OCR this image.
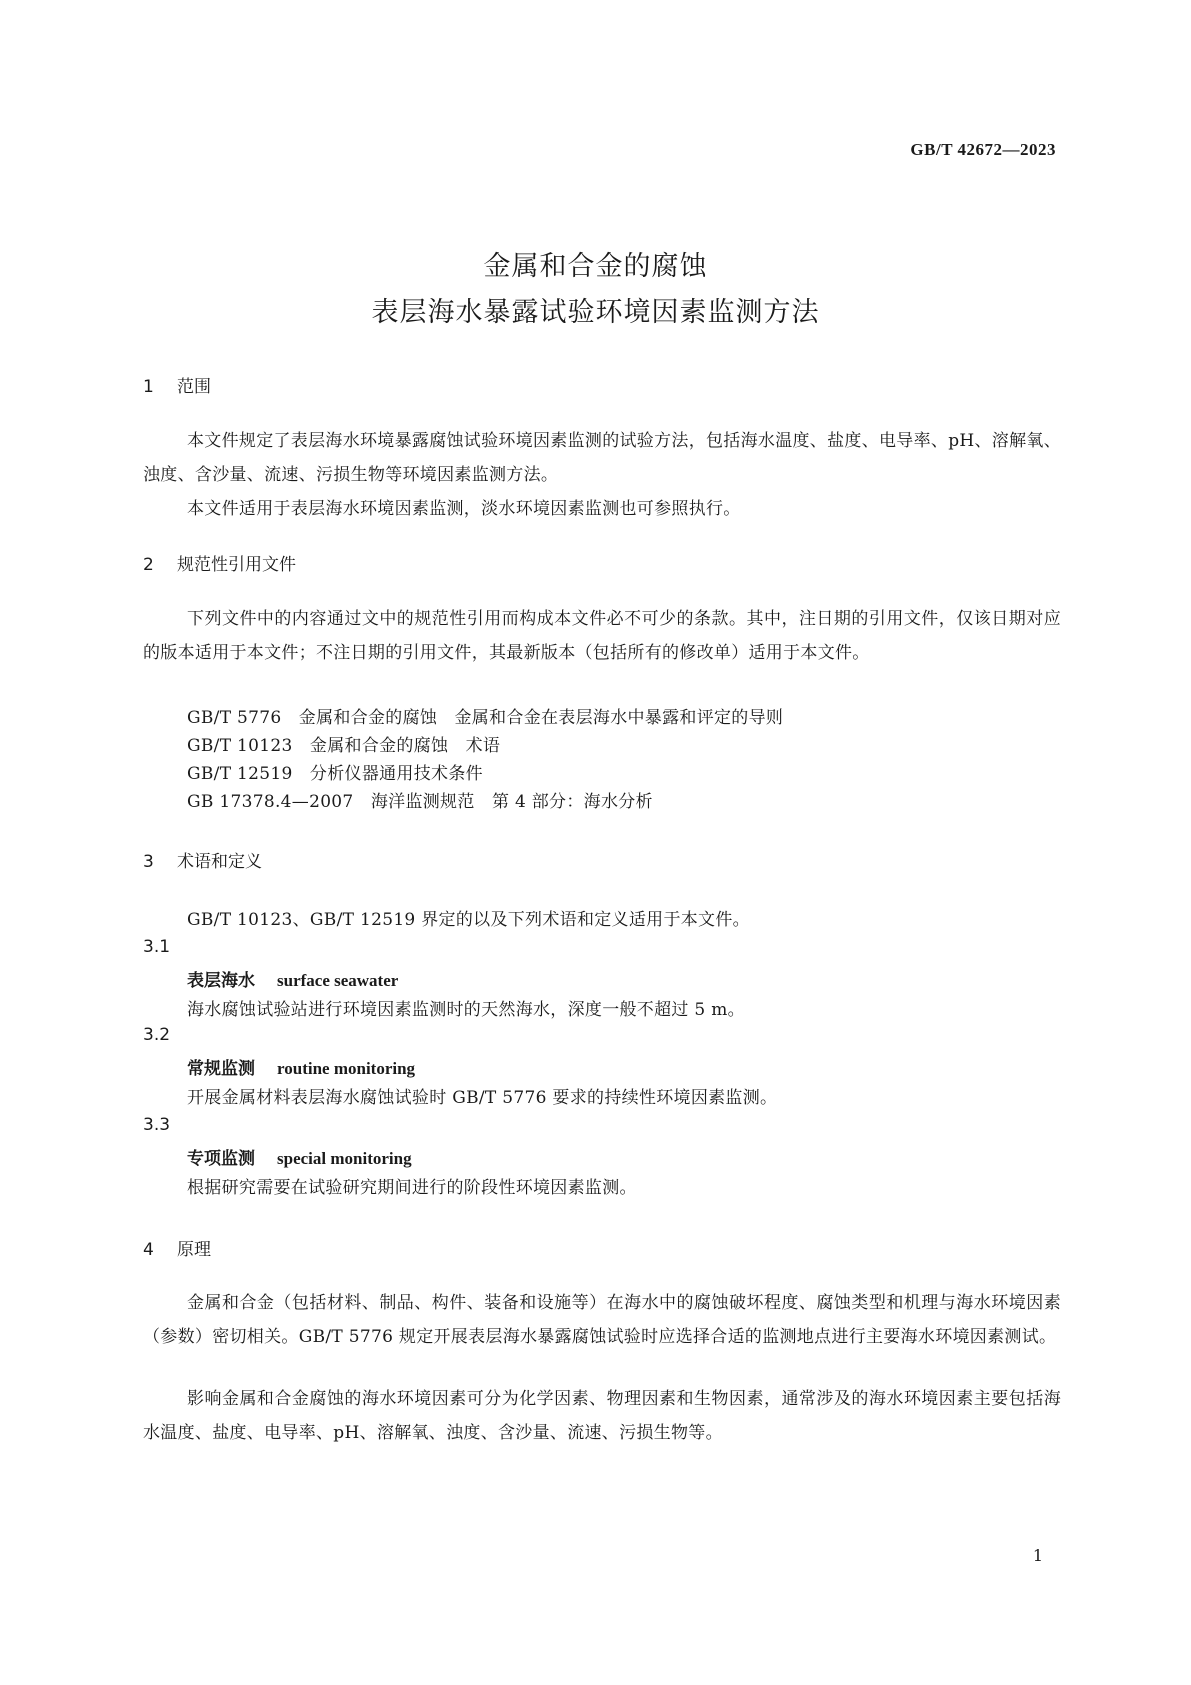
GB/T 42672—2023
金属和合金的腐蚀
表层海水暴露试验环境因素监测方法
1 范围
本文件规定了表层海水环境暴露腐蚀试验环境因素监测的试验方法，包括海水温度、盐度、电导率、pH、溶解氧、浊度、含沙量、流速、污损生物等环境因素监测方法。
本文件适用于表层海水环境因素监测，淡水环境因素监测也可参照执行。
2 规范性引用文件
下列文件中的内容通过文中的规范性引用而构成本文件必不可少的条款。其中，注日期的引用文件，仅该日期对应的版本适用于本文件；不注日期的引用文件，其最新版本（包括所有的修改单）适用于本文件。
GB/T 5776　金属和合金的腐蚀　金属和合金在表层海水中暴露和评定的导则
GB/T 10123　金属和合金的腐蚀　术语
GB/T 12519　分析仪器通用技术条件
GB 17378.4—2007　海洋监测规范　第 4 部分：海水分析
3 术语和定义
GB/T 10123、GB/T 12519 界定的以及下列术语和定义适用于本文件。
3.1
表层海水 surface seawater
海水腐蚀试验站进行环境因素监测时的天然海水，深度一般不超过 5 m。
3.2
常规监测 routine monitoring
开展金属材料表层海水腐蚀试验时 GB/T 5776 要求的持续性环境因素监测。
3.3
专项监测 special monitoring
根据研究需要在试验研究期间进行的阶段性环境因素监测。
4 原理
金属和合金（包括材料、制品、构件、装备和设施等）在海水中的腐蚀破坏程度、腐蚀类型和机理与海水环境因素（参数）密切相关。GB/T 5776 规定开展表层海水暴露腐蚀试验时应选择合适的监测地点进行主要海水环境因素测试。
影响金属和合金腐蚀的海水环境因素可分为化学因素、物理因素和生物因素，通常涉及的海水环境因素主要包括海水温度、盐度、电导率、pH、溶解氧、浊度、含沙量、流速、污损生物等。
1
